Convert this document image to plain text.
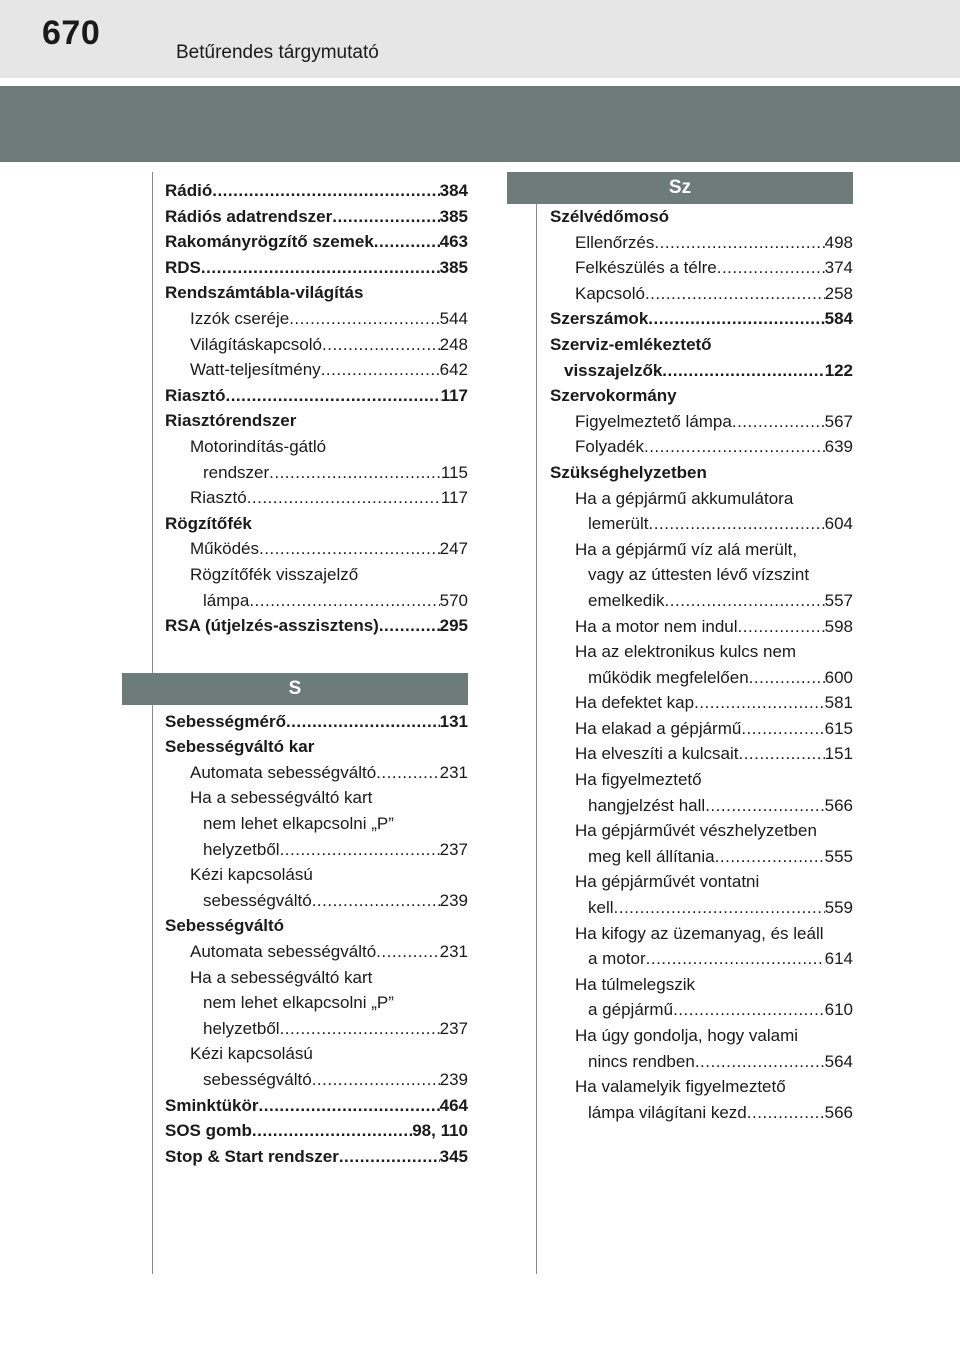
670
Betűrendes tárgymutató
Rádió .....	384
Rádiós adatrendszer .....	385
Rakományrögzítő szemek .....	463
RDS .....	385
Rendszámtábla-világítás
Izzók cseréje .....	544
Világításkapcsoló .....	248
Watt-teljesítmény .....	642
Riasztó .....	117
Riasztórendszer
Motorindítás-gátló
rendszer .....	115
Riasztó .....	117
Rögzítőfék
Működés .....	247
Rögzítőfék visszajelző
lámpa .....	570
RSA (útjelzés-asszisztens) .....	295
S
Sebességmérő .....	131
Sebességváltó kar
Automata sebességváltó .....	231
Ha a sebességváltó kart
nem lehet elkapcsolni „P”
helyzetből .....	237
Kézi kapcsolású
sebességváltó .....	239
Sebességváltó
Automata sebességváltó .....	231
Ha a sebességváltó kart
nem lehet elkapcsolni „P”
helyzetből .....	237
Kézi kapcsolású
sebességváltó .....	239
Sminktükör .....	464
SOS gomb .....	98, 110
Stop & Start rendszer .....	345
Sz
Szélvédőmosó
Ellenőrzés .....	498
Felkészülés a télre .....	374
Kapcsoló .....	258
Szerszámok .....	584
Szerviz-emlékeztető
visszajelzők .....	122
Szervokormány
Figyelmeztető lámpa .....	567
Folyadék .....	639
Szükséghelyzetben
Ha a gépjármű akkumulátora
lemerült .....	604
Ha a gépjármű víz alá merült,
vagy az úttesten lévő vízszint
emelkedik .....	557
Ha a motor nem indul .....	598
Ha az elektronikus kulcs nem
működik megfelelően .....	600
Ha defektet kap .....	581
Ha elakad a gépjármű .....	615
Ha elveszíti a kulcsait .....	151
Ha figyelmeztető
hangjelzést hall .....	566
Ha gépjárművét vészhelyzetben
meg kell állítania .....	555
Ha gépjárművét vontatni
kell .....	559
Ha kifogy az üzemanyag, és leáll
a motor .....	614
Ha túlmelegszik
a gépjármű .....	610
Ha úgy gondolja, hogy valami
nincs rendben .....	564
Ha valamelyik figyelmeztető
lámpa világítani kezd .....	566
